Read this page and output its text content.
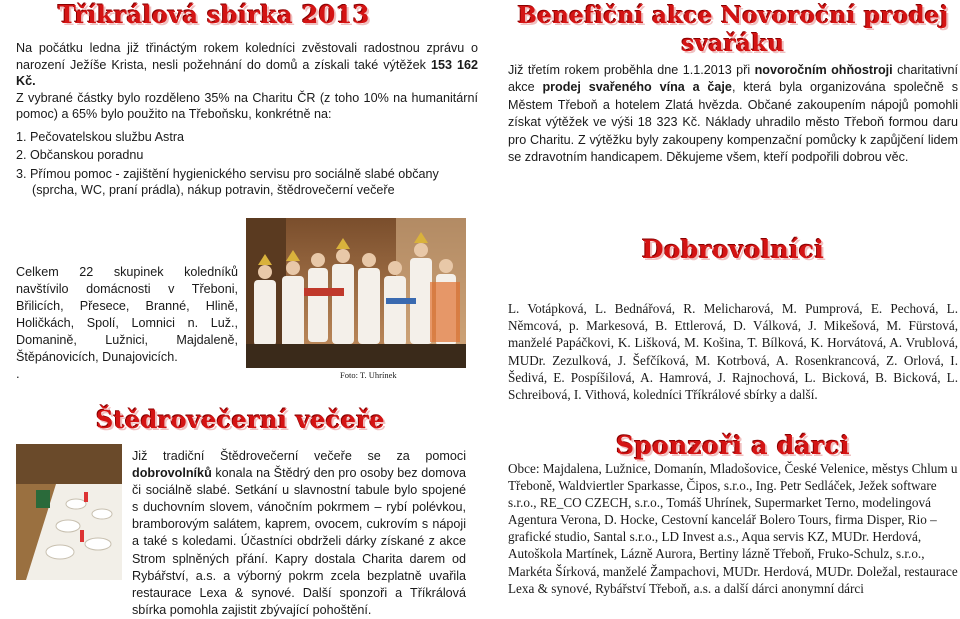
Tříkrálová sbírka 2013

Na počátku ledna již třináctým rokem koledníci zvěstovali radostnou zprávu o narození Ježíše Krista, nesli požehnání do domů a získali také výtěžek 153 162 Kč.

Z vybrané částky bylo rozděleno 35% na Charitu ČR (z toho 10% na humanitární pomoc) a 65% bylo použito na Třeboňsku, konkrétně na:

1. Pečovatelskou službu Astra

2. Občanskou poradnu

3. Přímou pomoc - zajištění hygienického servisu pro sociálně slabé občany (sprcha, WC, praní prádla), nákup potravin, štědrovečerní večeře

Celkem 22 skupinek koledníků navštívilo domácnosti v Třeboni, Břilicích, Přesece, Branné, Hlině, Holičkách, Spolí, Lomnici n. Luž., Domanině, Lužnici, Majdaleně, Štěpánovicích, Dunajovicích.
.	Foto: T. Uhrínek
Štědrovečerní večeře
Již tradiční Štědrovečerní večeře se za pomoci dobrovolníků konala na Štědrý den pro osoby bez domova či sociálně slabé. Setkání u slavnostní tabule bylo spojené s duchovním slovem, vánočním pokrmem – rybí polévkou, bramborovým salátem, kaprem, ovocem, cukrovím s nápoji a také s koledami. Účastníci obdrželi dárky získané z akce Strom splněných přání. Kapry dostala Charita darem od Rybářství, a.s. a výborný pokrm zcela bezplatně uvařila restaurace Lexa & synové. Další sponzoři a Tříkrálová sbírka pomohla zajistit zbývající pohoštění.
Benefiční akce Novoroční prodej svařáku
Již třetím rokem proběhla dne 1.1.2013 při novoročním ohňostroji charitativní akce prodej svařeného vína a čaje, která byla organizována společně s Městem Třeboň a hotelem Zlatá hvězda. Občané zakoupením nápojů pomohli získat výtěžek ve výši 18 323 Kč. Náklady uhradilo město Třeboň formou daru pro Charitu. Z výtěžku byly zakoupeny kompenzační pomůcky k zapůjčení lidem se zdravotním handicapem. Děkujeme všem, kteří podpořili dobrou věc.
Dobrovolníci
L. Votápková, L. Bednářová, R. Melicharová, M. Pumprová, E. Pechová, L. Němcová, p. Markesová, B. Ettlerová, D. Válková, J. Mikešová, M. Fürstová, manželé Papáčkovi, K. Lišková, M. Košina, T. Bílková, K. Horvátová, A. Vrublová, MUDr. Zezulková, J. Šefčíková, M. Kotrbová, A. Rosenkrancová, Z. Orlová, I. Šedivá, E. Pospíšilová, A. Hamrová, J. Rajnochová, L. Bicková, B. Bicková, L. Schreibová, I. Vithová, koledníci Tříkrálové sbírky a další.
Sponzoři a dárci
Obce: Majdalena, Lužnice, Domanín, Mladošovice, České Velenice, městys Chlum u Třeboně, Waldviertler Sparkasse, Čipos, s.r.o., Ing. Petr Sedláček, Ježek software s.r.o., RE_CO CZECH, s.r.o., Tomáš Uhrínek, Supermarket Terno, modelingová Agentura Verona, D. Hocke, Cestovní kancelář Bolero Tours, firma Disper, Rio – grafické studio, Santal s.r.o., LD Invest a.s., Aqua servis KZ, MUDr. Herdová, Autoškola Martínek, Lázně Aurora, Bertiny lázně Třeboň, Fruko-Schulz, s.r.o., Markéta Šírková, manželé Žampachovi, MUDr. Herdová, MUDr. Doležal, restaurace Lexa & synové, Rybářství Třeboň, a.s. a další dárci anonymní dárci
